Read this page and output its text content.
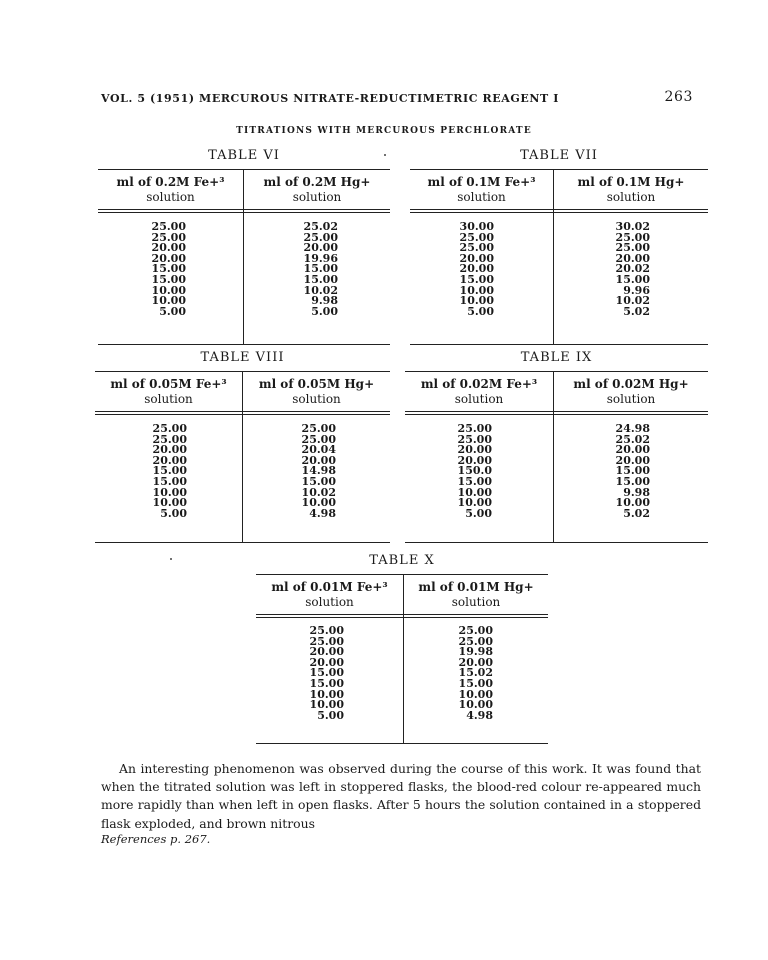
VOL. 5 (1951) MERCUROUS NITRATE-REDUCTIMETRIC REAGENT I	263
TITRATIONS WITH MERCUROUS PERCHLORATE
TABLE VI
ml of 0.2M Fe+³
solution
ml of 0.2M Hg+
solution
25.00
25.00
20.00
20.00
15.00
15.00
10.00
10.00
5.00
25.02
25.00
20.00
19.96
15.00
15.00
10.02
9.98
5.00
TABLE VII
ml of 0.1M Fe+³
solution
ml of 0.1M Hg+
solution
30.00
25.00
25.00
20.00
20.00
15.00
10.00
10.00
5.00
30.02
25.00
25.00
20.00
20.02
15.00
9.96
10.02
5.02
TABLE VIII
ml of 0.05M Fe+³
solution
ml of 0.05M Hg+
solution
25.00
25.00
20.00
20.00
15.00
15.00
10.00
10.00
5.00
25.00
25.00
20.04
20.00
14.98
15.00
10.02
10.00
4.98
TABLE IX
ml of 0.02M Fe+³
solution
ml of 0.02M Hg+
solution
25.00
25.00
20.00
20.00
150.0
15.00
10.00
10.00
5.00
24.98
25.02
20.00
20.00
15.00
15.00
9.98
10.00
5.02
TABLE X
ml of 0.01M Fe+³
solution
ml of 0.01M Hg+
solution
25.00
25.00
20.00
20.00
15.00
15.00
10.00
10.00
5.00
25.00
25.00
19.98
20.00
15.02
15.00
10.00
10.00
4.98

An interesting phenomenon was observed during the course of this work. It was found that when the titrated solution was left in stoppered flasks, the blood-red colour re-appeared much more rapidly than when left in open flasks. After 5 hours the solution contained in a stoppered flask exploded, and brown nitrous

References p. 267.
